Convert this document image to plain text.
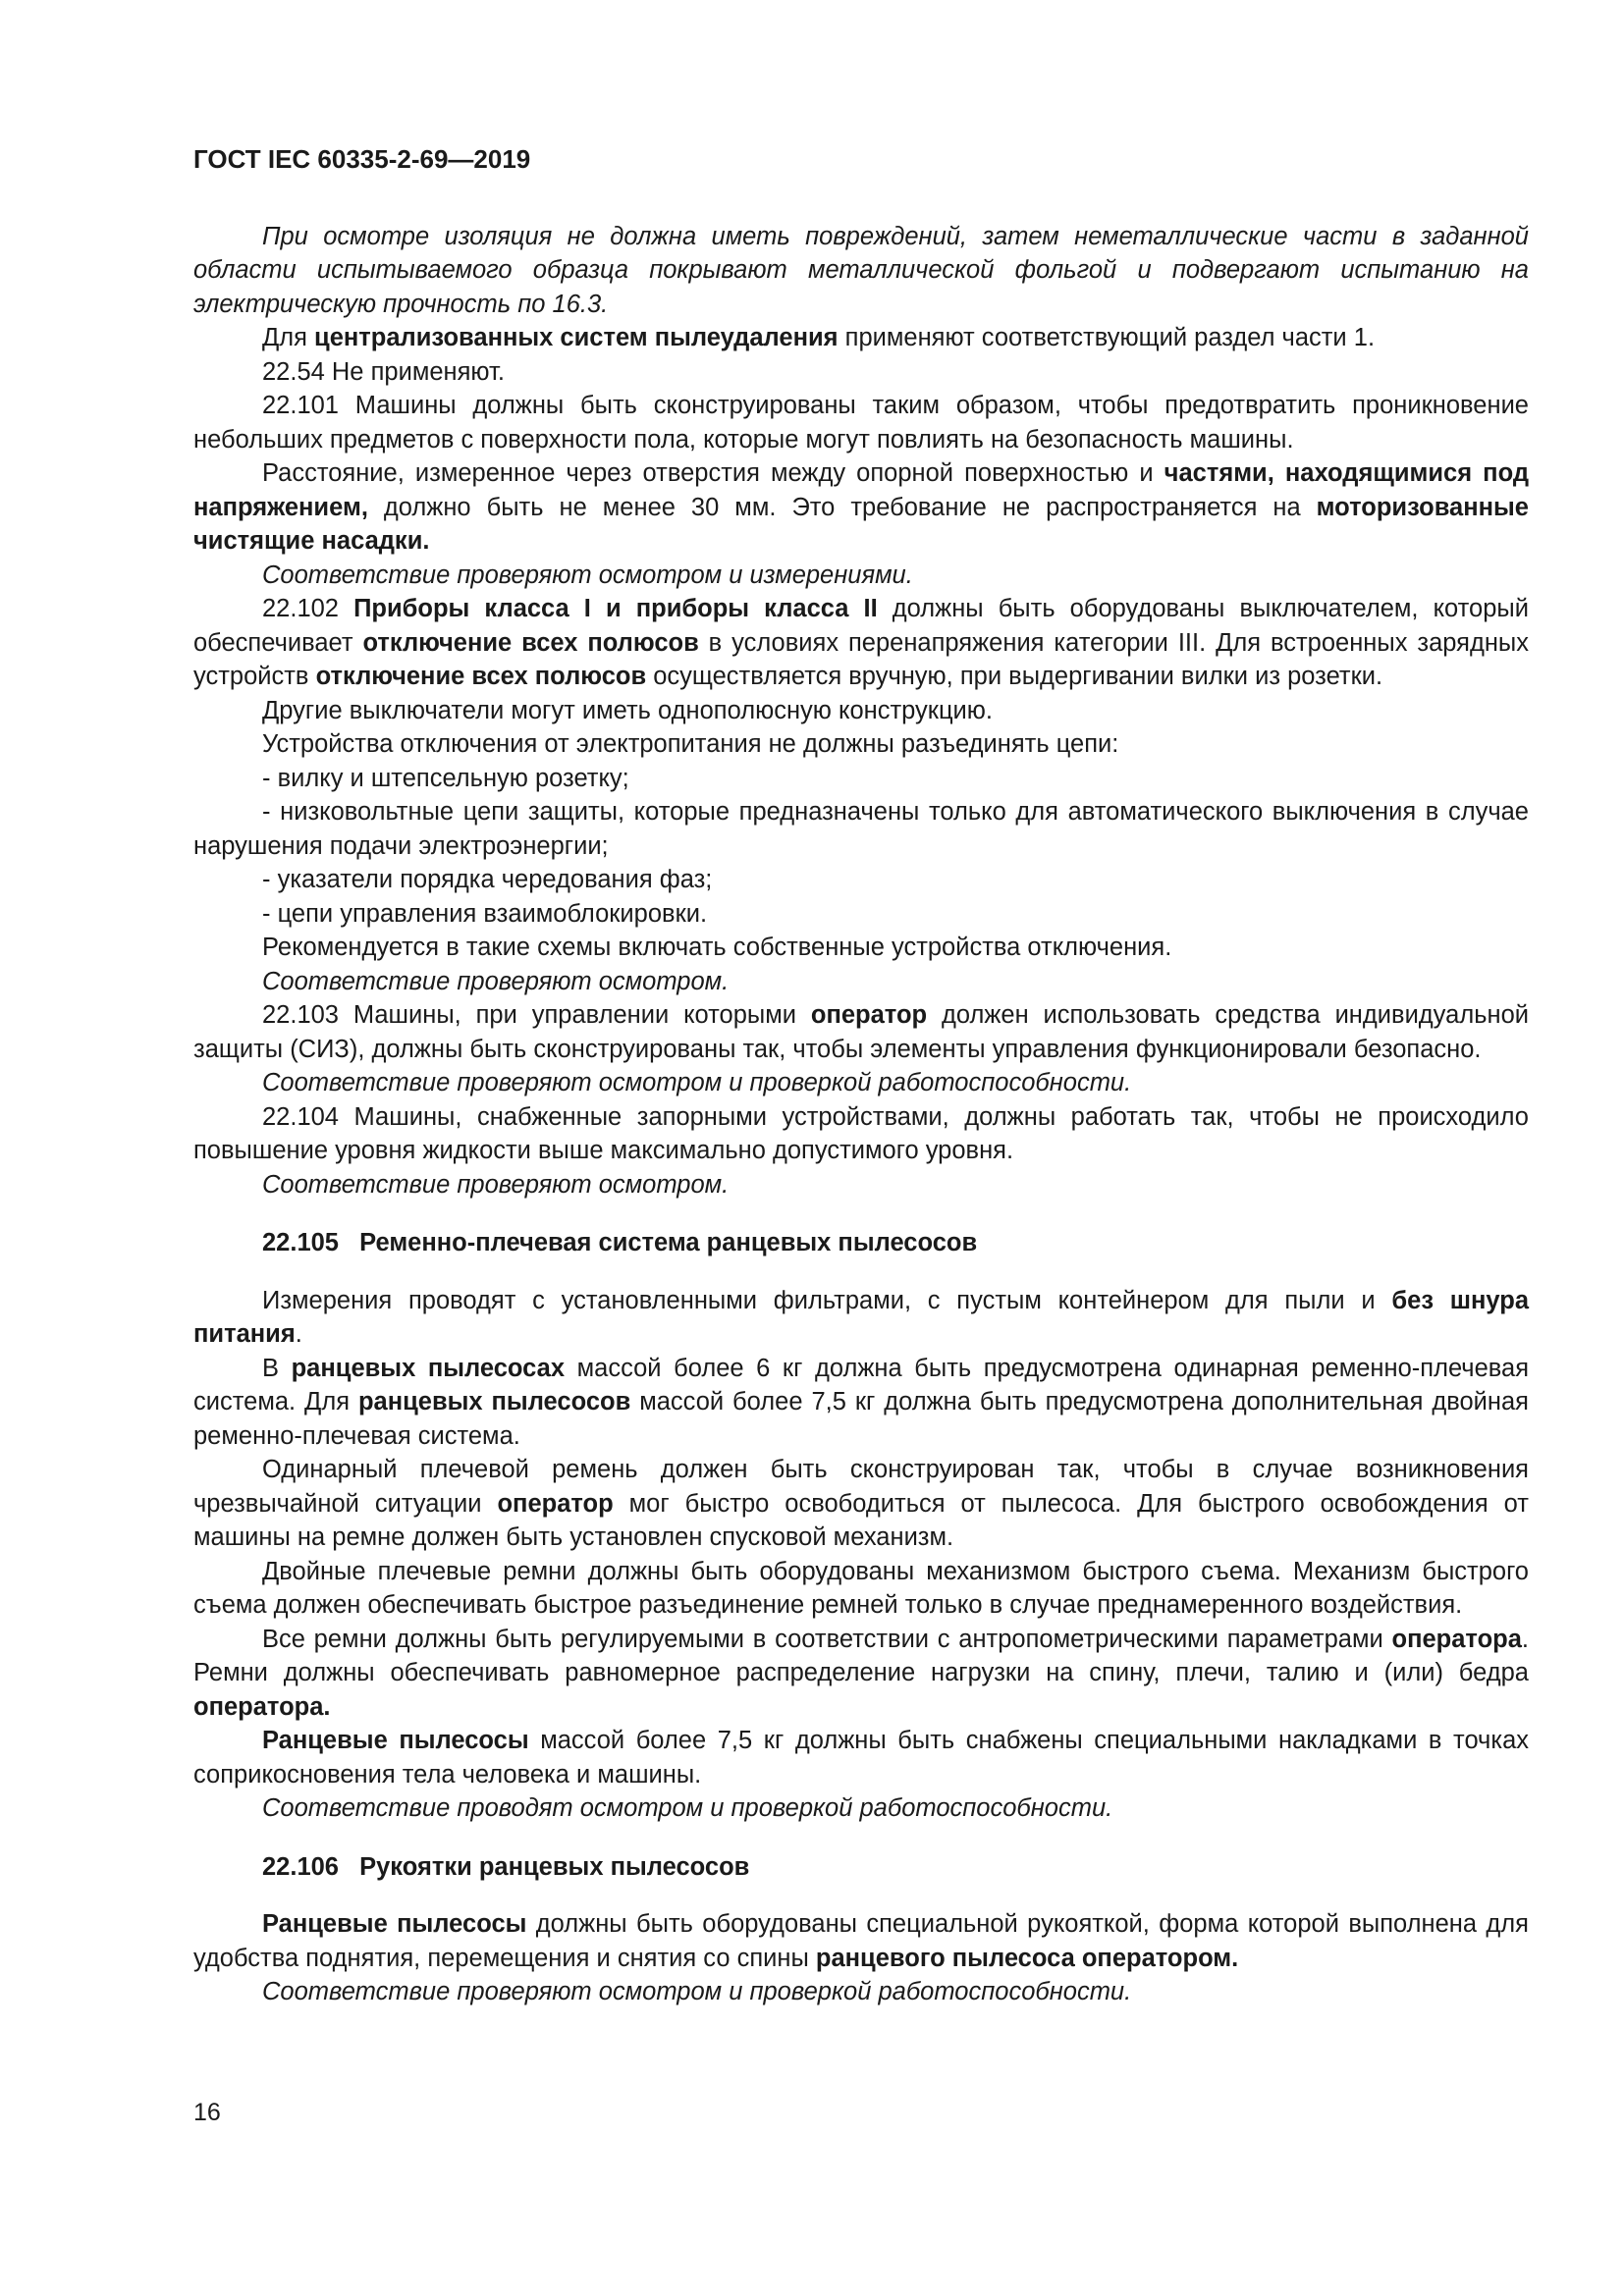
ГОСТ IEC 60335-2-69—2019

При осмотре изоляция не должна иметь повреждений, затем неметаллические части в заданной области испытываемого образца покрывают металлической фольгой и подвергают испытанию на электрическую прочность по 16.3.

Для централизованных систем пылеудаления применяют соответствующий раздел части 1.

22.54 Не применяют.

22.101 Машины должны быть сконструированы таким образом, чтобы предотвратить проникновение небольших предметов с поверхности пола, которые могут повлиять на безопасность машины.

Расстояние, измеренное через отверстия между опорной поверхностью и частями, находящимися под напряжением, должно быть не менее 30 мм. Это требование не распространяется на моторизованные чистящие насадки.

Соответствие проверяют осмотром и измерениями.

22.102 Приборы класса I и приборы класса II должны быть оборудованы выключателем, который обеспечивает отключение всех полюсов в условиях перенапряжения категории III. Для встроенных зарядных устройств отключение всех полюсов осуществляется вручную, при выдергивании вилки из розетки.

Другие выключатели могут иметь однополюсную конструкцию.

Устройства отключения от электропитания не должны разъединять цепи:

- вилку и штепсельную розетку;

- низковольтные цепи защиты, которые предназначены только для автоматического выключения в случае нарушения подачи электроэнергии;

- указатели порядка чередования фаз;

- цепи управления взаимоблокировки.

Рекомендуется в такие схемы включать собственные устройства отключения.

Соответствие проверяют осмотром.

22.103 Машины, при управлении которыми оператор должен использовать средства индивидуальной защиты (СИЗ), должны быть сконструированы так, чтобы элементы управления функционировали безопасно.

Соответствие проверяют осмотром и проверкой работоспособности.

22.104 Машины, снабженные запорными устройствами, должны работать так, чтобы не происходило повышение уровня жидкости выше максимально допустимого уровня.

Соответствие проверяют осмотром.

22.105 Ременно-плечевая система ранцевых пылесосов

Измерения проводят с установленными фильтрами, с пустым контейнером для пыли и без шнура питания.

В ранцевых пылесосах массой более 6 кг должна быть предусмотрена одинарная ременно-плечевая система. Для ранцевых пылесосов массой более 7,5 кг должна быть предусмотрена дополнительная двойная ременно-плечевая система.

Одинарный плечевой ремень должен быть сконструирован так, чтобы в случае возникновения чрезвычайной ситуации оператор мог быстро освободиться от пылесоса. Для быстрого освобождения от машины на ремне должен быть установлен спусковой механизм.

Двойные плечевые ремни должны быть оборудованы механизмом быстрого съема. Механизм быстрого съема должен обеспечивать быстрое разъединение ремней только в случае преднамеренного воздействия.

Все ремни должны быть регулируемыми в соответствии с антропометрическими параметрами оператора. Ремни должны обеспечивать равномерное распределение нагрузки на спину, плечи, талию и (или) бедра оператора.

Ранцевые пылесосы массой более 7,5 кг должны быть снабжены специальными накладками в точках соприкосновения тела человека и машины.

Соответствие проводят осмотром и проверкой работоспособности.

22.106 Рукоятки ранцевых пылесосов

Ранцевые пылесосы должны быть оборудованы специальной рукояткой, форма которой выполнена для удобства поднятия, перемещения и снятия со спины ранцевого пылесоса оператором.

Соответствие проверяют осмотром и проверкой работоспособности.

16
